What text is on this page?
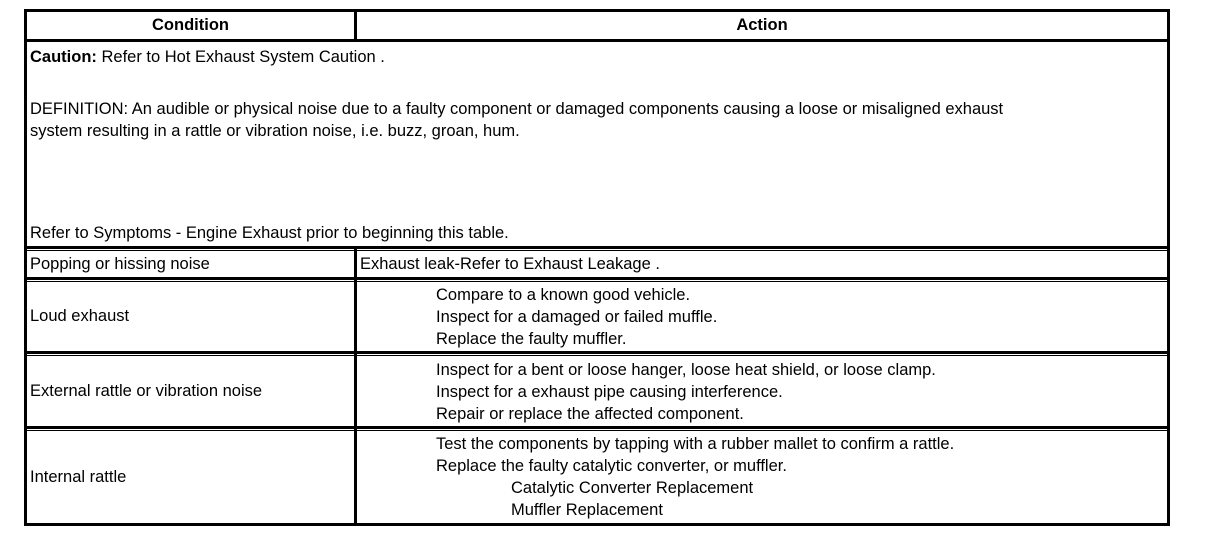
Condition	Action
Caution: Refer to Hot Exhaust System Caution .
DEFINITION: An audible or physical noise due to a faulty component or damaged components causing a loose or misaligned exhaust
system resulting in a rattle or vibration noise, i.e. buzz, groan, hum.
Refer to Symptoms - Engine Exhaust prior to beginning this table.
Popping or hissing noise	Exhaust leak-Refer to Exhaust Leakage .
Loud exhaust
Compare to a known good vehicle.
Inspect for a damaged or failed muffle.
Replace the faulty muffler.
External rattle or vibration noise
Inspect for a bent or loose hanger, loose heat shield, or loose clamp.
Inspect for a exhaust pipe causing interference.
Repair or replace the affected component.
Internal rattle
Test the components by tapping with a rubber mallet to confirm a rattle.
Replace the faulty catalytic converter, or muffler.
Catalytic Converter Replacement
Muffler Replacement
